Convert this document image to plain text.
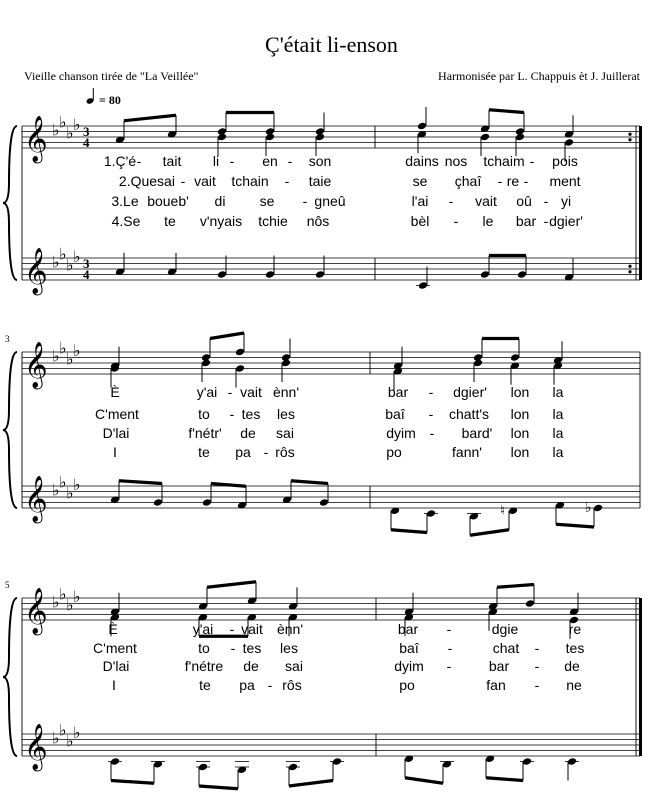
Ç'était li-enson
Vieille chanson tirée de "La Veillée"	Harmonisée par L. Chappuis èt J. Juillerat
= 80
𝄞 ♭ ♭
♭ ♭
𝄞 ♭ ♭
♭ ♭
3
4
3
4
1.Ç'é - tait li - en - son	dains nos tchaim - pois
2.Que sai - vait tchain - taie	se çhaî - re - ment
3.Le boueb' di se - gneû	l'ai - vait oû - yi
4.Se te v'nyais tchie nôs	bèl - le bar - dgier'
𝄞 ♭ ♭
♭ ♭
𝄞 ♭ ♭
♭ ♭
3
♮	♭
È	y'ai - vait ènn'	bar - dgier' lon la
C'ment	to - tes les	baî - chatt's lon la
D'lai	f'nétr' de sai	dyim - bard' lon la
I	te pa - rôs	po	fann' lon la
𝄞 ♭ ♭
♭ ♭
𝄞 ♭ ♭
♭ ♭
5
È	y'ai - vait ènn'	bar -	dgie	re
C'ment	to - tes les	baî -	chat - tes
D'lai	f'nétre de sai	dyim -	bar - de
I	te pa - rôs	po	fan - ne
